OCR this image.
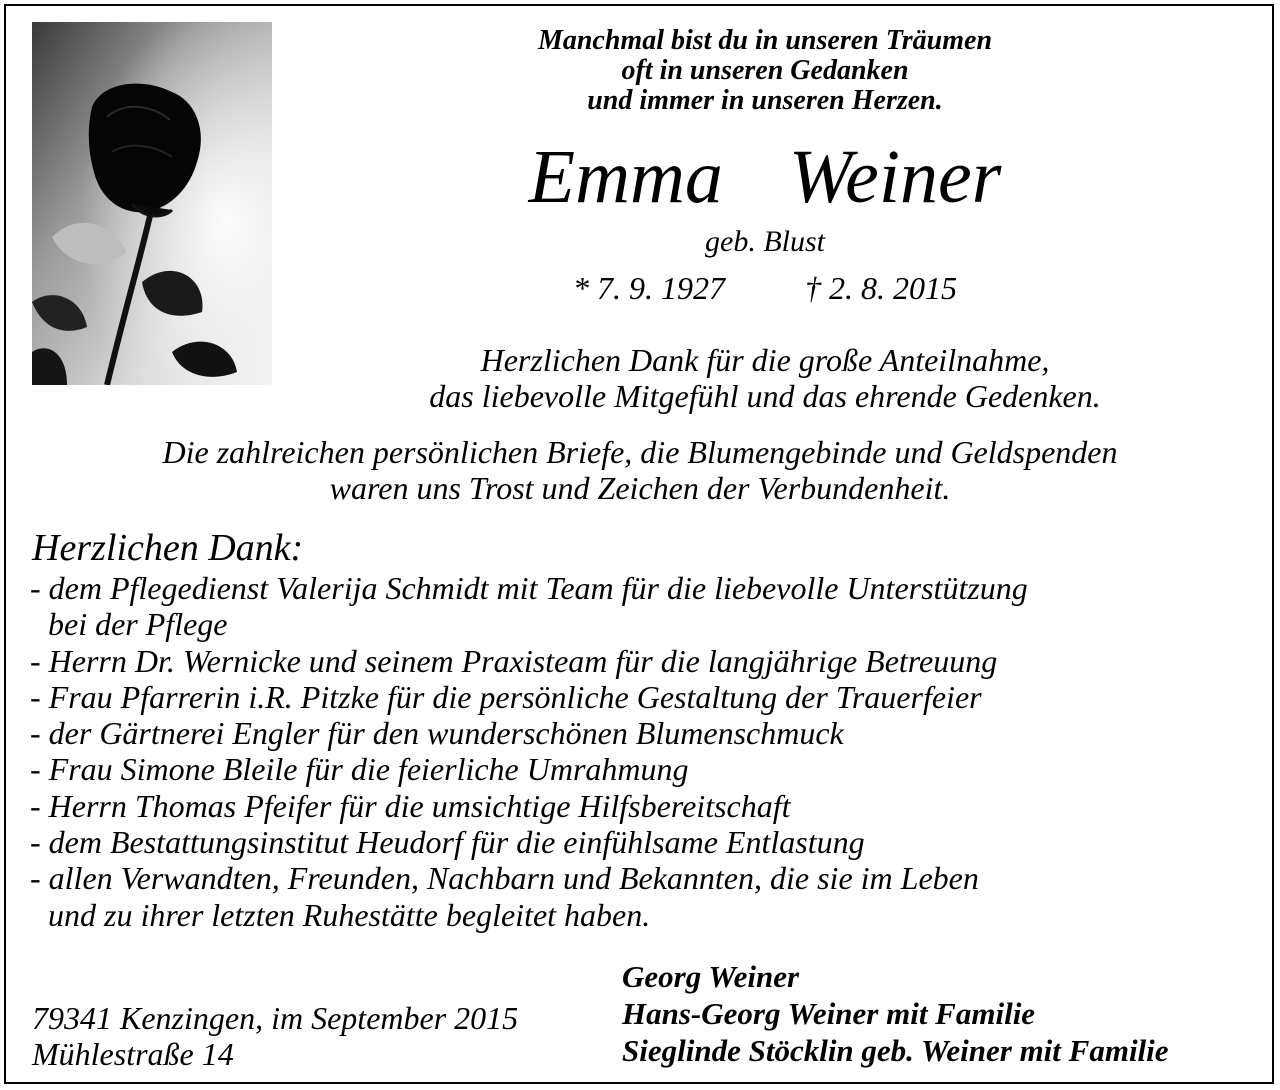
Manchmal bist du in unseren Träumen
oft in unseren Gedanken
und immer in unseren Herzen.
Emma  Weiner
geb. Blust
* 7. 9. 1927	† 2. 8. 2015
Herzlichen Dank für die große Anteilnahme,
das liebevolle Mitgefühl und das ehrende Gedenken.
Die zahlreichen persönlichen Briefe, die Blumengebinde und Geldspenden
waren uns Trost und Zeichen der Verbundenheit.
Herzlichen Dank:
- dem Pflegedienst Valerija Schmidt mit Team für die liebevolle Unterstützung
bei der Pflege
- Herrn Dr. Wernicke und seinem Praxisteam für die langjährige Betreuung
- Frau Pfarrerin i.R. Pitzke für die persönliche Gestaltung der Trauerfeier
- der Gärtnerei Engler für den wunderschönen Blumenschmuck
- Frau Simone Bleile für die feierliche Umrahmung
- Herrn Thomas Pfeifer für die umsichtige Hilfsbereitschaft
- dem Bestattungsinstitut Heudorf für die einfühlsame Entlastung
- allen Verwandten, Freunden, Nachbarn und Bekannten, die sie im Leben
und zu ihrer letzten Ruhestätte begleitet haben.
79341 Kenzingen, im September 2015
Mühlestraße 14
Georg Weiner
Hans-Georg Weiner mit Familie
Sieglinde Stöcklin geb. Weiner mit Familie
